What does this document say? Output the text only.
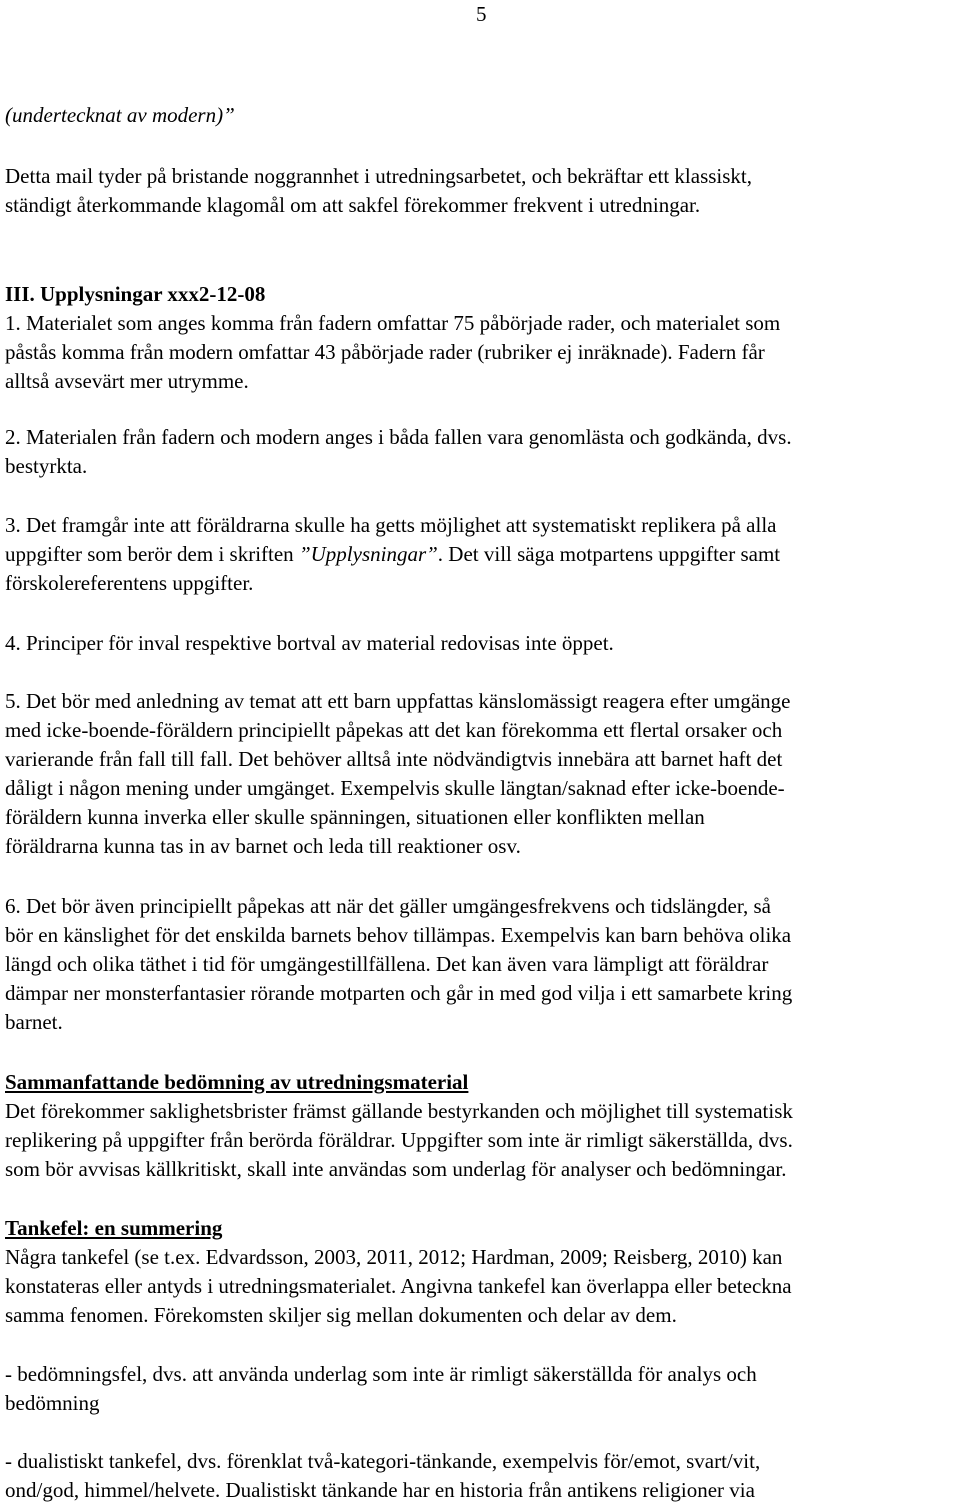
5
(undertecknat av modern)”
Detta mail tyder på bristande noggrannhet i utredningsarbetet, och bekräftar ett klassiskt,
ständigt återkommande klagomål om att sakfel förekommer frekvent i utredningar.
III. Upplysningar xxx2-12-08
1. Materialet som anges komma från fadern omfattar 75 påbörjade rader, och materialet som
påstås komma från modern omfattar 43 påbörjade rader (rubriker ej inräknade). Fadern får
alltså avsevärt mer utrymme.
2. Materialen från fadern och modern anges i båda fallen vara genomlästa och godkända, dvs.
bestyrkta.
3. Det framgår inte att föräldrarna skulle ha getts möjlighet att systematiskt replikera på alla
uppgifter som berör dem i skriften ”Upplysningar”. Det vill säga motpartens uppgifter samt
förskolereferentens uppgifter.
4. Principer för inval respektive bortval av material redovisas inte öppet.
5. Det bör med anledning av temat att ett barn uppfattas känslomässigt reagera efter umgänge
med icke-boende-föräldern principiellt påpekas att det kan förekomma ett flertal orsaker och
varierande från fall till fall. Det behöver alltså inte nödvändigtvis innebära att barnet haft det
dåligt i någon mening under umgänget. Exempelvis skulle längtan/saknad efter icke-boende-
föräldern kunna inverka eller skulle spänningen, situationen eller konflikten mellan
föräldrarna kunna tas in av barnet och leda till reaktioner osv.
6. Det bör även principiellt påpekas att när det gäller umgängesfrekvens och tidslängder, så
bör en känslighet för det enskilda barnets behov tillämpas. Exempelvis kan barn behöva olika
längd och olika täthet i tid för umgängestillfällena. Det kan även vara lämpligt att föräldrar
dämpar ner monsterfantasier rörande motparten och går in med god vilja i ett samarbete kring
barnet.
Sammanfattande bedömning av utredningsmaterial
Det förekommer saklighetsbrister främst gällande bestyrkanden och möjlighet till systematisk
replikering på uppgifter från berörda föräldrar. Uppgifter som inte är rimligt säkerställda, dvs.
som bör avvisas källkritiskt, skall inte användas som underlag för analyser och bedömningar.
Tankefel: en summering
Några tankefel (se t.ex. Edvardsson, 2003, 2011, 2012; Hardman, 2009; Reisberg, 2010) kan
konstateras eller antyds i utredningsmaterialet. Angivna tankefel kan överlappa eller beteckna
samma fenomen. Förekomsten skiljer sig mellan dokumenten och delar av dem.
- bedömningsfel, dvs. att använda underlag som inte är rimligt säkerställda för analys och
bedömning
- dualistiskt tankefel, dvs. förenklat två-kategori-tänkande, exempelvis för/emot, svart/vit,
ond/god, himmel/helvete. Dualistiskt tänkande har en historia från antikens religioner via
